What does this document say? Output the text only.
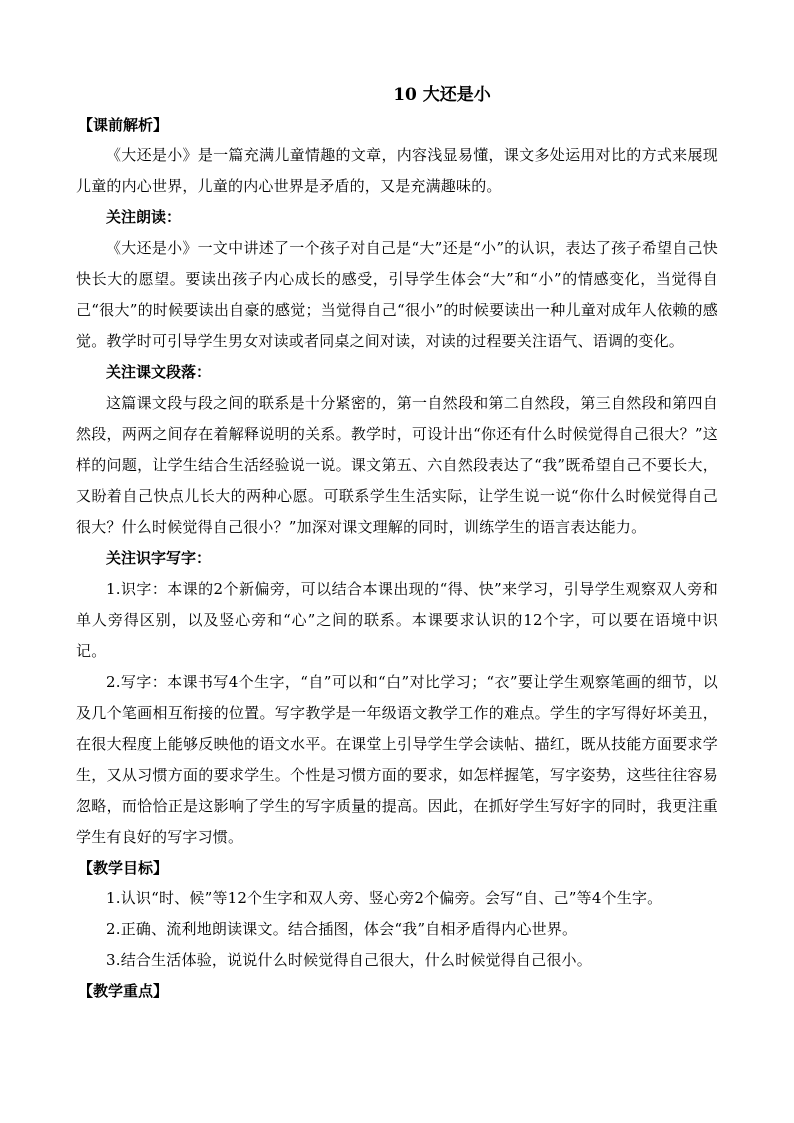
10 大还是小

【课前解析】

《大还是小》是一篇充满儿童情趣的文章，内容浅显易懂，课文多处运用对比的方式来展现儿童的内心世界，儿童的内心世界是矛盾的，又是充满趣味的。

关注朗读：

《大还是小》一文中讲述了一个孩子对自己是“大”还是“小”的认识，表达了孩子希望自己快快长大的愿望。要读出孩子内心成长的感受，引导学生体会“大”和“小”的情感变化，当觉得自己“很大”的时候要读出自豪的感觉；当觉得自己“很小”的时候要读出一种儿童对成年人依赖的感觉。教学时可引导学生男女对读或者同桌之间对读，对读的过程要关注语气、语调的变化。

关注课文段落：

这篇课文段与段之间的联系是十分紧密的，第一自然段和第二自然段，第三自然段和第四自然段，两两之间存在着解释说明的关系。教学时，可设计出“你还有什么时候觉得自己很大？”这样的问题，让学生结合生活经验说一说。课文第五、六自然段表达了“我”既希望自己不要长大，又盼着自己快点儿长大的两种心愿。可联系学生生活实际，让学生说一说“你什么时候觉得自己很大？什么时候觉得自己很小？”加深对课文理解的同时，训练学生的语言表达能力。

关注识字写字：

1.识字：本课的2个新偏旁，可以结合本课出现的“得、快”来学习，引导学生观察双人旁和单人旁得区别，以及竖心旁和“心”之间的联系。本课要求认识的12个字，可以要在语境中识记。

2.写字：本课书写4个生字，“自”可以和“白”对比学习；“衣”要让学生观察笔画的细节，以及几个笔画相互衔接的位置。写字教学是一年级语文教学工作的难点。学生的字写得好坏美丑，在很大程度上能够反映他的语文水平。在课堂上引导学生学会读帖、描红，既从技能方面要求学生，又从习惯方面的要求学生。个性是习惯方面的要求，如怎样握笔，写字姿势，这些往往容易忽略，而恰恰正是这影响了学生的写字质量的提高。因此，在抓好学生写好字的同时，我更注重学生有良好的写字习惯。

【教学目标】

1.认识“时、候”等12个生字和双人旁、竖心旁2个偏旁。会写“自、己”等4个生字。

2.正确、流利地朗读课文。结合插图，体会“我”自相矛盾得内心世界。

3.结合生活体验，说说什么时候觉得自己很大，什么时候觉得自己很小。

【教学重点】
